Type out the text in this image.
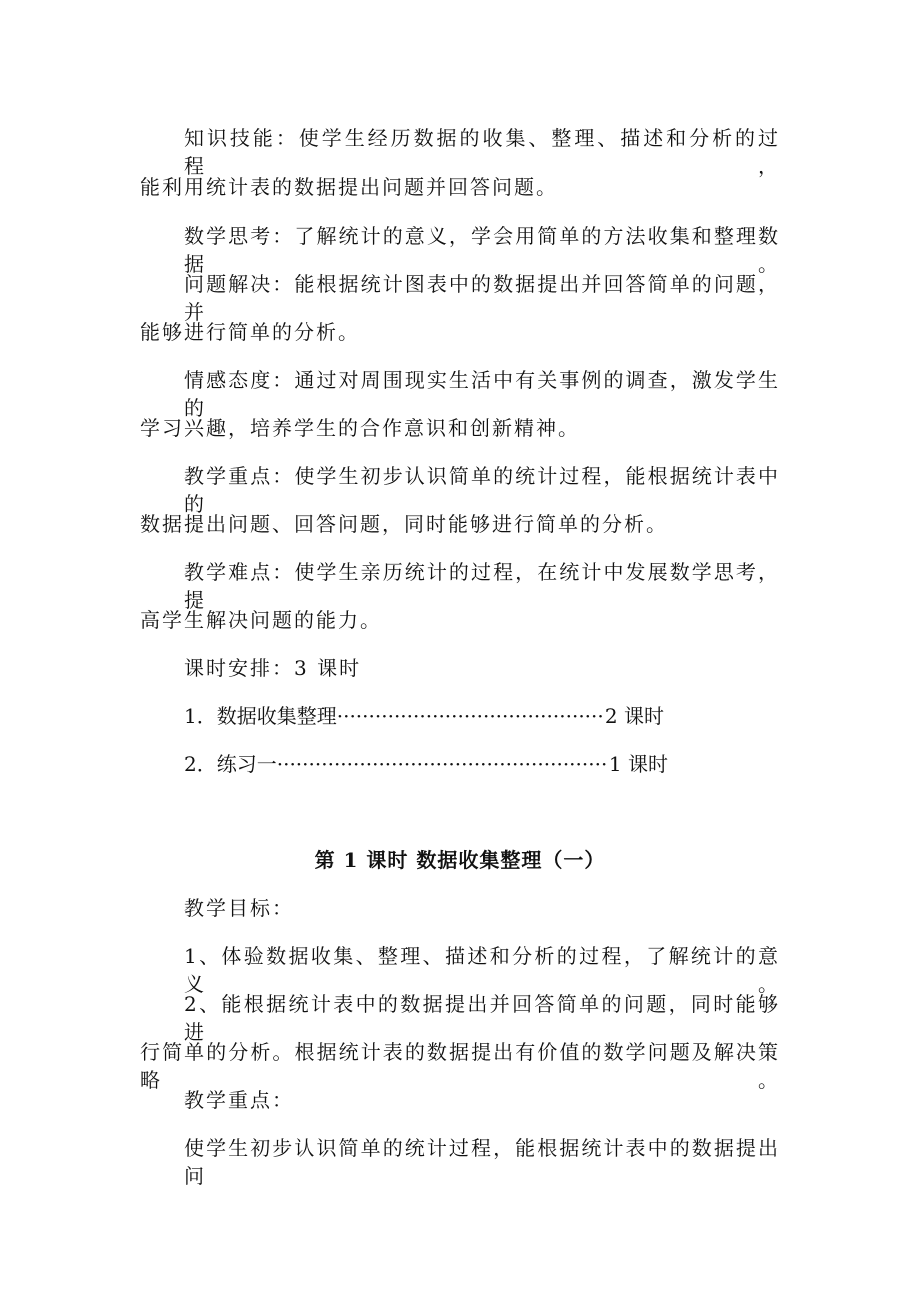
知识技能：使学生经历数据的收集、整理、描述和分析的过程，
能利用统计表的数据提出问题并回答问题。
数学思考：了解统计的意义，学会用简单的方法收集和整理数据。
问题解决：能根据统计图表中的数据提出并回答简单的问题，并
能够进行简单的分析。
情感态度：通过对周围现实生活中有关事例的调查，激发学生的
学习兴趣，培养学生的合作意识和创新精神。
教学重点：使学生初步认识简单的统计过程，能根据统计表中的
数据提出问题、回答问题，同时能够进行简单的分析。
教学难点：使学生亲历统计的过程，在统计中发展数学思考，提
高学生解决问题的能力。
课时安排：3 课时
1．数据收集整理 ·····	2 课时
2．练习一 ·····	1 课时
第 1 课时 数据收集整理（一）
教学目标：
1、体验数据收集、整理、描述和分析的过程，了解统计的意义。
2、能根据统计表中的数据提出并回答简单的问题，同时能够进
行简单的分析。根据统计表的数据提出有价值的数学问题及解决策略。
教学重点：
使学生初步认识简单的统计过程，能根据统计表中的数据提出问
